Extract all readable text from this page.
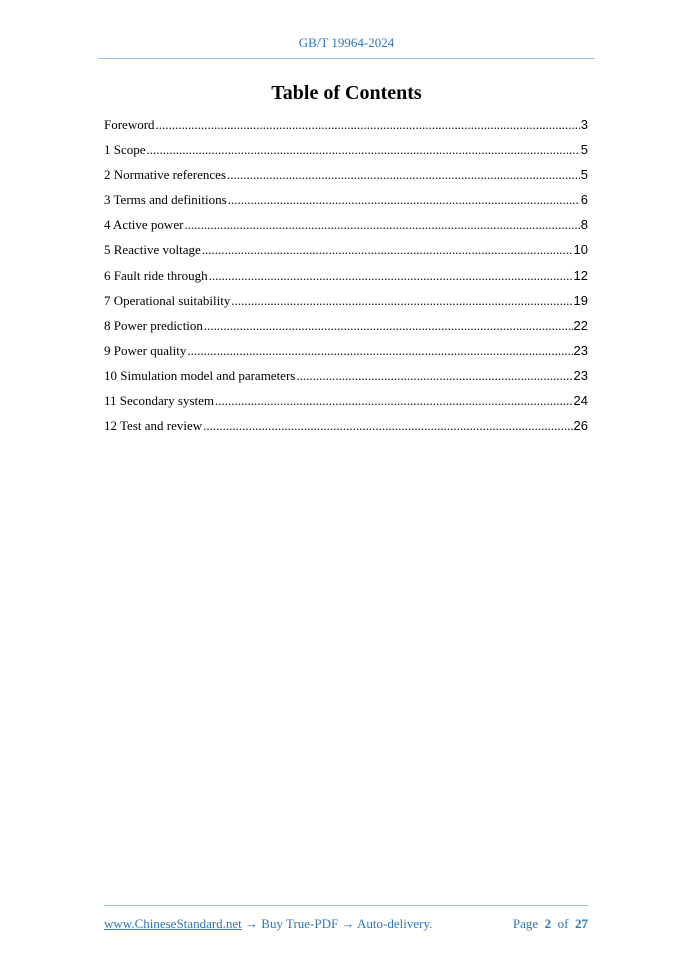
GB/T 19964-2024
Table of Contents
Foreword .....	3
1 Scope .....	5
2 Normative references .....	5
3 Terms and definitions .....	6
4 Active power .....	8
5 Reactive voltage .....	10
6 Fault ride through .....	12
7 Operational suitability .....	19
8 Power prediction .....	22
9 Power quality .....	23
10 Simulation model and parameters .....	23
11 Secondary system .....	24
12 Test and review .....	26
www.ChineseStandard.net → Buy True-PDF → Auto-delivery.	Page 2 of 27
